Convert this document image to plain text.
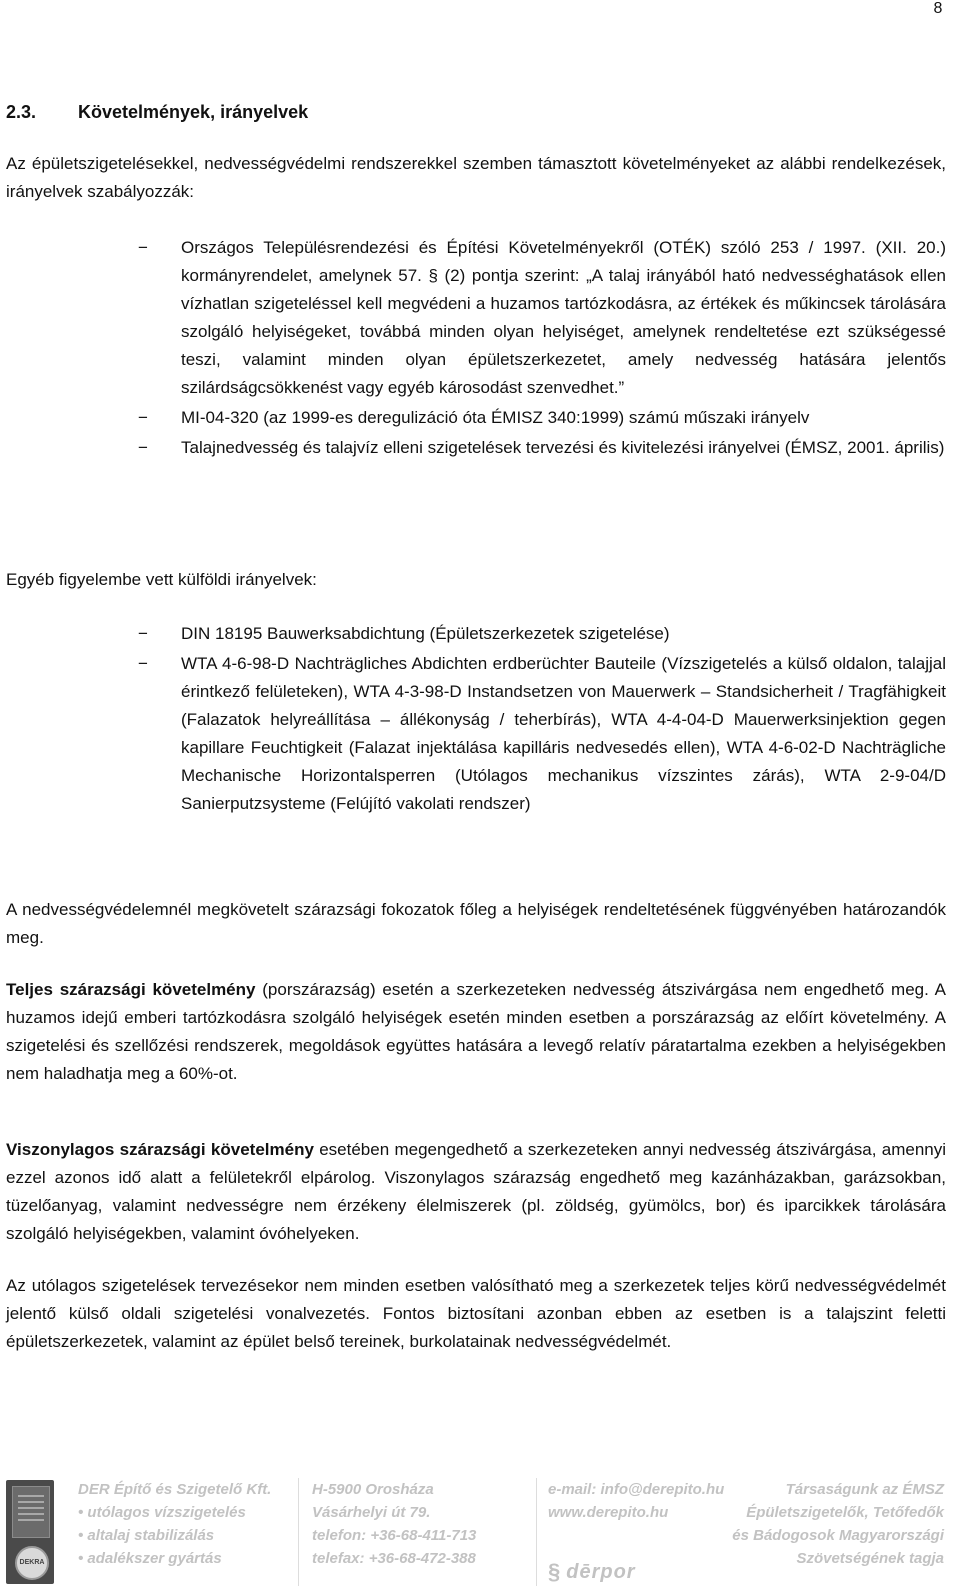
8
2.3. Követelmények, irányelvek

Az épületszigetelésekkel, nedvességvédelmi rendszerekkel szemben támasztott követelményeket az alábbi rendelkezések, irányelvek szabályozzák:

− Országos Településrendezési és Építési Követelményekről (OTÉK) szóló 253 / 1997. (XII. 20.) kormányrendelet, amelynek 57. § (2) pontja szerint: „A talaj irányából ható nedvességhatások ellen vízhatlan szigeteléssel kell megvédeni a huzamos tartózkodásra, az értékek és műkincsek tárolására szolgáló helyiségeket, továbbá minden olyan helyiséget, amelynek rendeltetése ezt szükségessé teszi, valamint minden olyan épületszerkezetet, amely nedvesség hatására jelentős szilárdságcsökkenést vagy egyéb károsodást szenvedhet.”
− MI-04-320 (az 1999-es deregulizáció óta ÉMISZ 340:1999) számú műszaki irányelv
− Talajnedvesség és talajvíz elleni szigetelések tervezési és kivitelezési irányelvei (ÉMSZ, 2001. április)

Egyéb figyelembe vett külföldi irányelvek:

− DIN 18195 Bauwerksabdichtung (Épületszerkezetek szigetelése)
− WTA 4-6-98-D Nachträgliches Abdichten erdberüchter Bauteile (Vízszigetelés a külső oldalon, talajjal érintkező felületeken), WTA 4-3-98-D Instandsetzen von Mauerwerk – Standsicherheit / Tragfähigkeit (Falazatok helyreállítása – állékonyság / teherbírás), WTA 4-4-04-D Mauerwerksinjektion gegen kapillare Feuchtigkeit (Falazat injektálása kapilláris nedvesedés ellen), WTA 4-6-02-D Nachträgliche Mechanische Horizontalsperren (Utólagos mechanikus vízszintes zárás), WTA 2-9-04/D Sanierputzsysteme (Felújító vakolati rendszer)

A nedvességvédelemnél megkövetelt szárazsági fokozatok főleg a helyiségek rendeltetésének függvényében határozandók meg.

Teljes szárazsági követelmény (porszárazság) esetén a szerkezeteken nedvesség átszivárgása nem engedhető meg. A huzamos idejű emberi tartózkodásra szolgáló helyiségek esetén minden esetben a porszárazság az előírt követelmény. A szigetelési és szellőzési rendszerek, megoldások együttes hatására a levegő relatív páratartalma ezekben a helyiségekben nem haladhatja meg a 60%-ot.

Viszonylagos szárazsági követelmény esetében megengedhető a szerkezeteken annyi nedvesség átszivárgása, amennyi ezzel azonos idő alatt a felületekről elpárolog. Viszonylagos szárazság engedhető meg kazánházakban, garázsokban, tüzelőanyag, valamint nedvességre nem érzékeny élelmiszerek (pl. zöldség, gyümölcs, bor) és iparcikkek tárolására szolgáló helyiségekben, valamint óvóhelyeken.

Az utólagos szigetelések tervezésekor nem minden esetben valósítható meg a szerkezetek teljes körű nedvességvédelmét jelentő külső oldali szigetelési vonalvezetés. Fontos biztosítani azonban ebben az esetben is a talajszint feletti épületszerkezetek, valamint az épület belső tereinek, burkolatainak nedvességvédelmét.

DEKRA
DER Építő és Szigetelő Kft.
• utólagos vízszigetelés
• altalaj stabilizálás
• adalékszer gyártás
H-5900 Orosháza
Vásárhelyi út 79.
telefon: +36-68-411-713
telefax: +36-68-472-388
e-mail: info@derepito.hu
www.derepito.hu
§ dērpor
Társaságunk az ÉMSZ
Épületszigetelők, Tetőfedők
és Bádogosok Magyarországi
Szövetségének tagja
